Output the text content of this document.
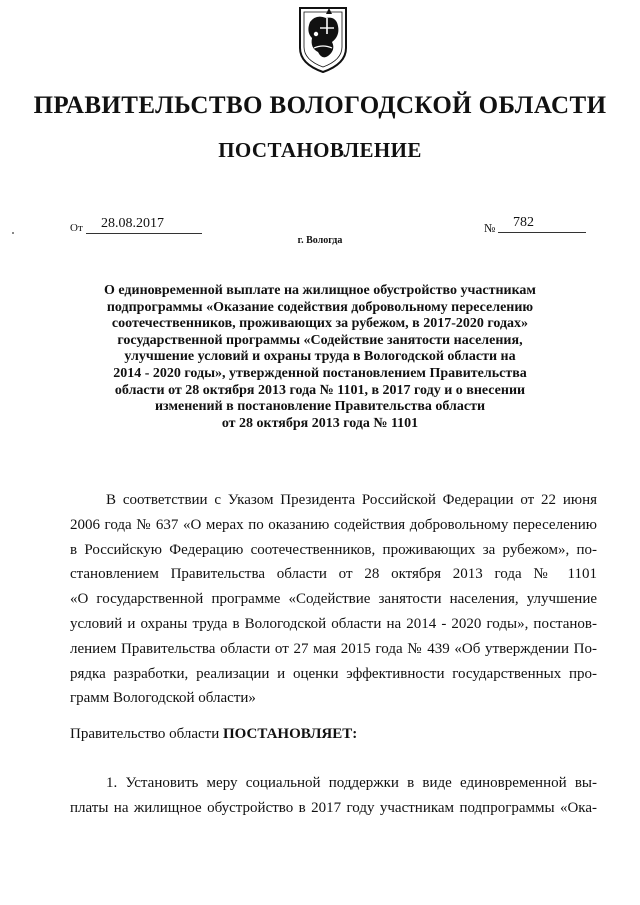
ПРАВИТЕЛЬСТВО ВОЛОГОДСКОЙ ОБЛАСТИ
ПОСТАНОВЛЕНИЕ
От 28.08.2017	№ 782
г. Вологда
О единовременной выплате на жилищное обустройство участникам
подпрограммы «Оказание содействия добровольному переселению
соотечественников, проживающих за рубежом, в 2017-2020 годах»
государственной программы «Содействие занятости населения,
улучшение условий и охраны труда в Вологодской области на
2014 - 2020 годы», утвержденной постановлением Правительства
области от 28 октября 2013 года № 1101, в 2017 году и о внесении
изменений в постановление Правительства области
от 28 октября 2013 года № 1101
В соответствии с Указом Президента Российской Федерации от 22 июня
2006 года № 637 «О мерах по оказанию содействия добровольному переселению
в Российскую Федерацию соотечественников, проживающих за рубежом», по-
становлением Правительства области от 28 октября 2013 года № 1101
«О государственной программе «Содействие занятости населения, улучшение
условий и охраны труда в Вологодской области на 2014 - 2020 годы», постанов-
лением Правительства области от 27 мая 2015 года № 439 «Об утверждении По-
рядка разработки, реализации и оценки эффективности государственных про-
грамм Вологодской области»
Правительство области ПОСТАНОВЛЯЕТ:
1. Установить меру социальной поддержки в виде единовременной вы-
платы на жилищное обустройство в 2017 году участникам подпрограммы «Ока-
